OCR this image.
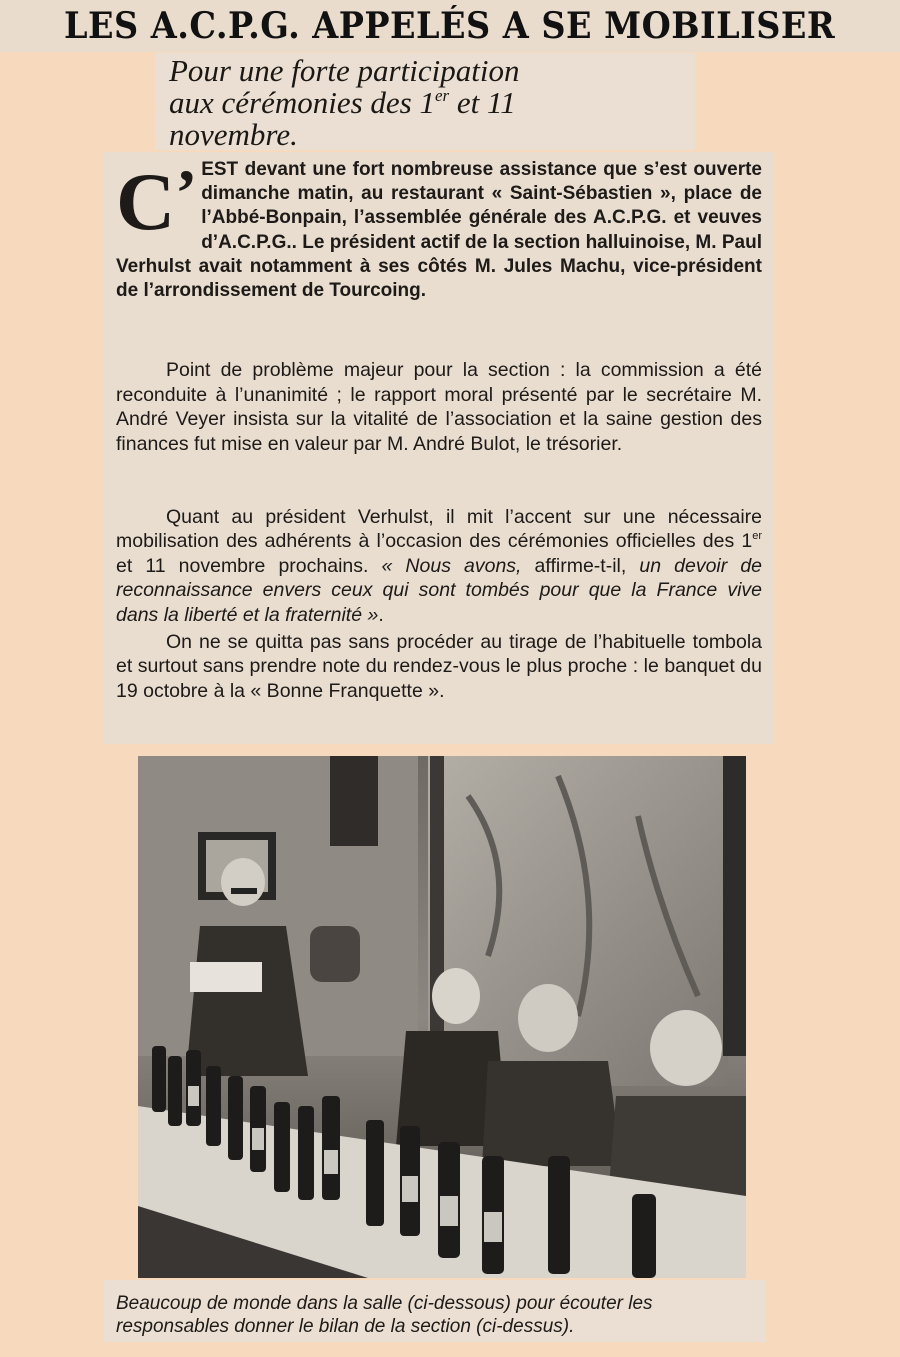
LES A.C.P.G. APPELÉS A SE MOBILISER

Pour une forte participation
aux cérémonies des 1er et 11
novembre.

C’ EST devant une fort nombreuse assistance que s’est ouverte dimanche matin, au restaurant « Saint-Sébastien », place de l’Abbé-Bonpain, l’assemblée générale des A.C.P.G. et veuves d’A.C.P.G.. Le président actif de la section halluinoise, M. Paul Verhulst avait notamment à ses côtés M. Jules Machu, vice-président de l’arrondissement de Tourcoing.

Point de problème majeur pour la section : la commission a été reconduite à l’unanimité ; le rapport moral présenté par le secrétaire M. André Veyer insista sur la vitalité de l’association et la saine gestion des finances fut mise en valeur par M. André Bulot, le trésorier.

Quant au président Verhulst, il mit l’accent sur une nécessaire mobilisation des adhérents à l’occasion des cérémonies officielles des 1er et 11 novembre prochains. « Nous avons, affirme-t-il, un devoir de reconnaissance envers ceux qui sont tombés pour que la France vive dans la liberté et la fraternité ».

On ne se quitta pas sans procéder au tirage de l’habituelle tombola et surtout sans prendre note du rendez-vous le plus proche : le banquet du 19 octobre à la « Bonne Franquette ».

Beaucoup de monde dans la salle (ci-dessous) pour écouter les responsables donner le bilan de la section (ci-dessus).
